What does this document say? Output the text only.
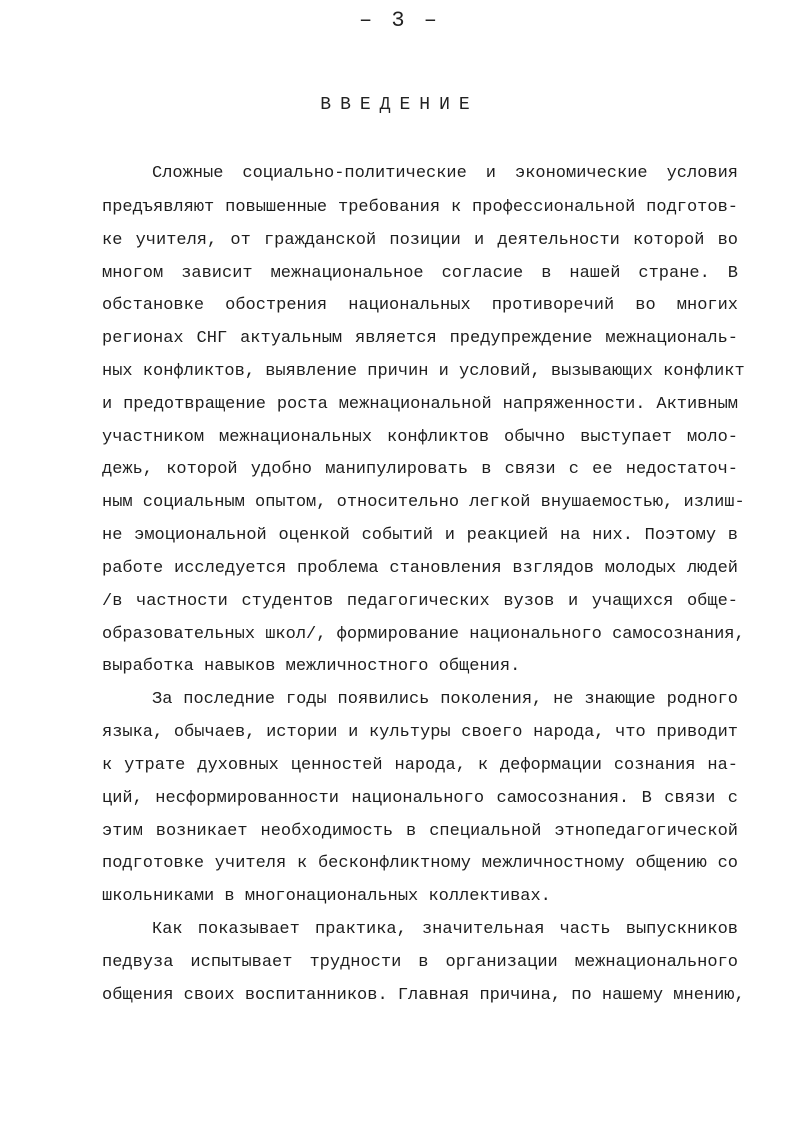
– 3 –
ВВЕДЕНИЕ
Сложные социально-политические и экономические условия
предъявляют повышенные требования к профессиональной подготов-
ке учителя, от гражданской позиции и деятельности которой во
многом зависит межнациональное согласие в нашей стране. В
обстановке обострения национальных противоречий во многих
регионах СНГ актуальным является предупреждение межнациональ-
ных конфликтов, выявление причин и условий, вызывающих конфликт
и предотвращение роста межнациональной напряженности. Активным
участником межнациональных конфликтов обычно выступает моло-
дежь, которой удобно манипулировать в связи с ее недостаточ-
ным социальным опытом, относительно легкой внушаемостью, излиш-
не эмоциональной оценкой событий и реакцией на них. Поэтому в
работе исследуется проблема становления взглядов молодых людей
/в частности студентов педагогических вузов и учащихся обще-
образовательных школ/, формирование национального самосознания,
выработка навыков межличностного общения.
За последние годы появились поколения, не знающие родного
языка, обычаев, истории и культуры своего народа, что приводит
к утрате духовных ценностей народа, к деформации сознания на-
ций, несформированности национального самосознания. В связи с
этим возникает необходимость в специальной этнопедагогической
подготовке учителя к бесконфликтному межличностному общению со
школьниками в многонациональных коллективах.
Как показывает практика, значительная часть выпускников
педвуза испытывает трудности в организации межнационального
общения своих воспитанников. Главная причина, по нашему мнению,
